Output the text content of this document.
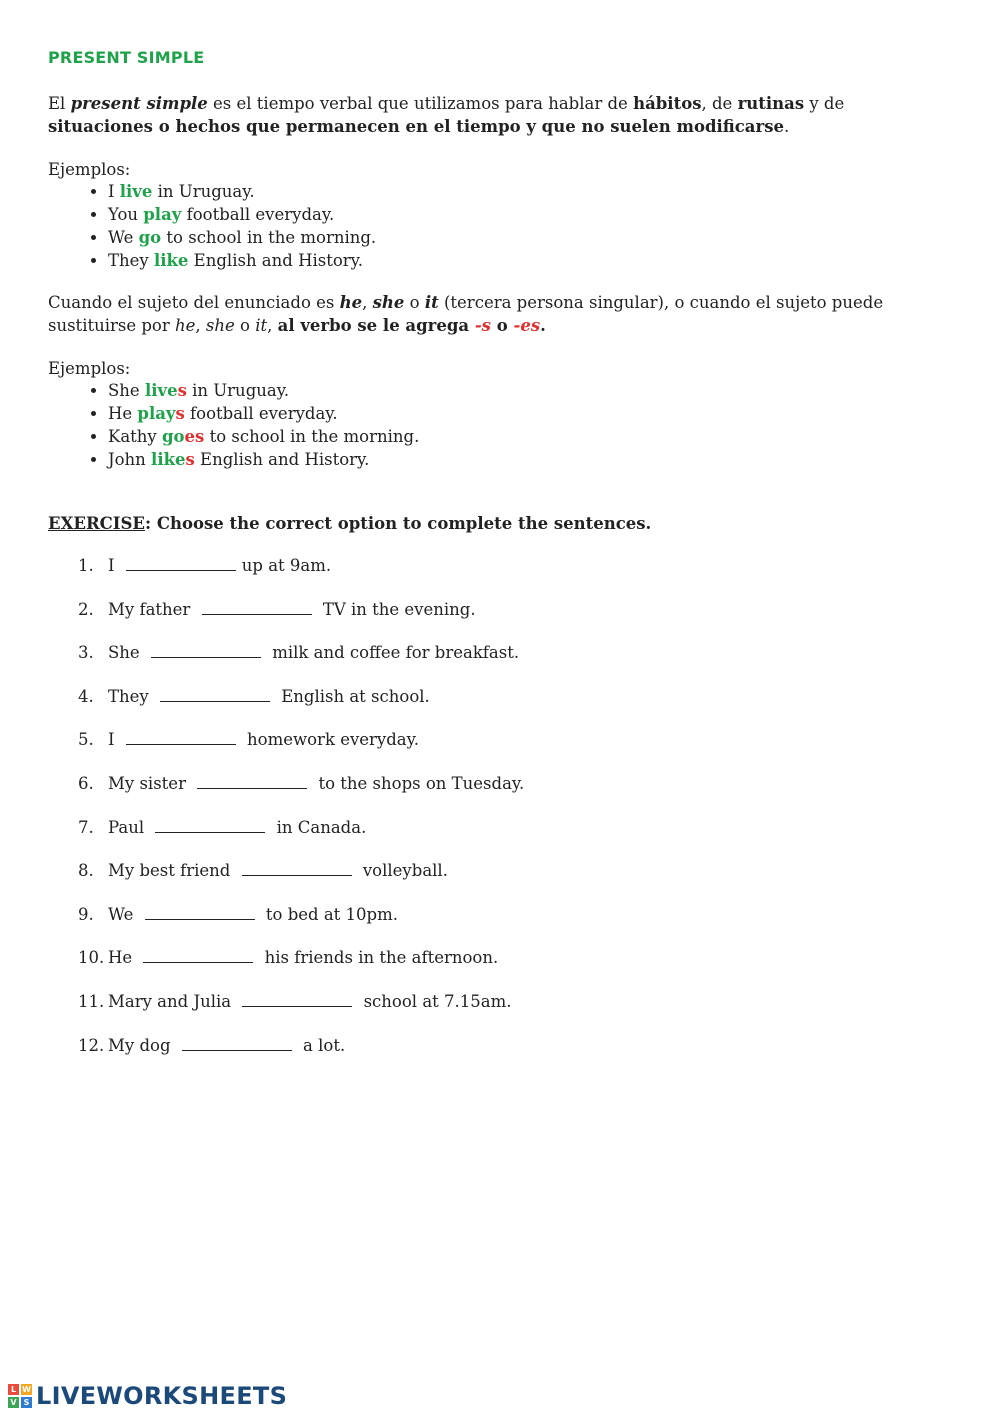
PRESENT SIMPLE
El present simple es el tiempo verbal que utilizamos para hablar de hábitos, de rutinas y de situaciones o hechos que permanecen en el tiempo y que no suelen modificarse.
Ejemplos:
• I live in Uruguay.
• You play football everyday.
• We go to school in the morning.
• They like English and History.
Cuando el sujeto del enunciado es he, she o it (tercera persona singular), o cuando el sujeto puede sustituirse por he, she o it, al verbo se le agrega -s o -es.
Ejemplos:
• She lives in Uruguay.
• He plays football everyday.
• Kathy goes to school in the morning.
• John likes English and History.
EXERCISE: Choose the correct option to complete the sentences.
1. I	up at 9am.
2. My father	TV in the evening.
3. She	milk and coffee for breakfast.
4. They	English at school.
5. I	homework everyday.
6. My sister	to the shops on Tuesday.
7. Paul	in Canada.
8. My best friend	volleyball.
9. We	to bed at 10pm.
10. He	his friends in the afternoon.
11. Mary and Julia	school at 7.15am.
12. My dog	a lot.
L W
V S LIVEWORKSHEETS
